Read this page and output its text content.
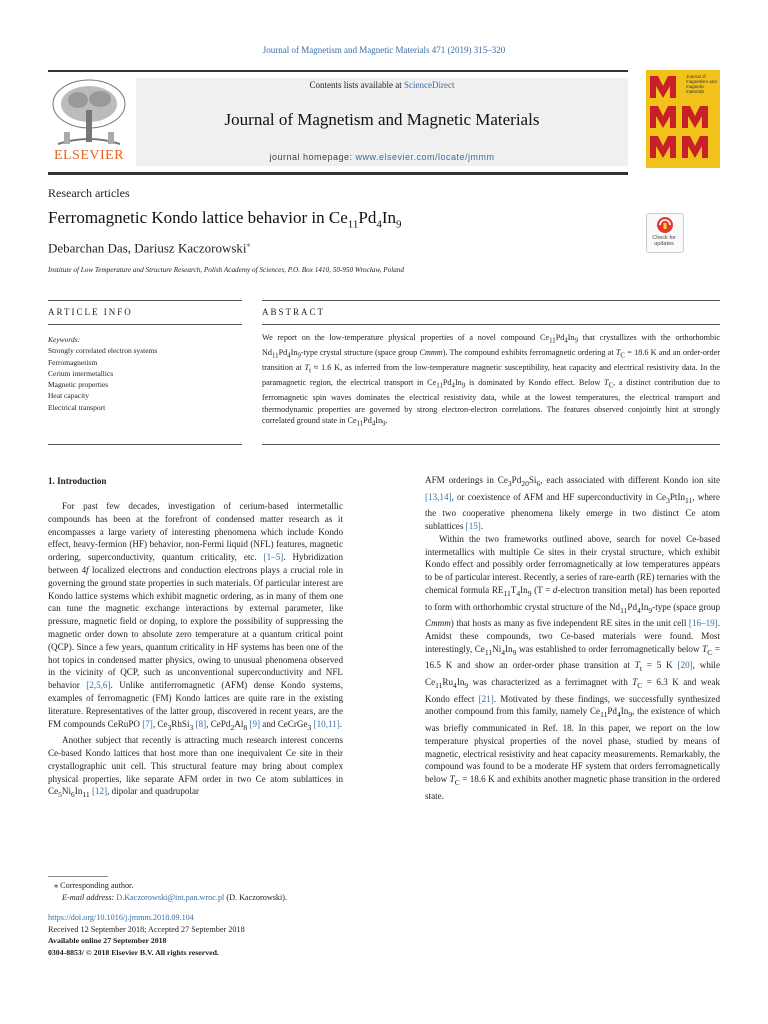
Journal of Magnetism and Magnetic Materials 471 (2019) 315–320
ELSEVIER
Contents lists available at ScienceDirect
Journal of Magnetism and Magnetic Materials
journal homepage: www.elsevier.com/locate/jmmm
Journal of magnetism and magnetic materials
Research articles
Ferromagnetic Kondo lattice behavior in $Ce_{11}Pd_4In_9$
Debarchan Das, Dariusz Kaczorowski⁎
Institute of Low Temperature and Structure Research, Polish Academy of Sciences, P.O. Box 1410, 50-950 Wrocław, Poland
Check for updates
ARTICLE INFO	ABSTRACT
Keywords:
Strongly correlated electron systems
Ferromagnetism
Cerium intermetallics
Magnetic properties
Heat capacity
Electrical transport
We report on the low-temperature physical properties of a novel compound $Ce_{11}Pd_4In_9$ that crystallizes with the orthorhombic $Nd_{11}Pd_4In_9$-type crystal structure (space group Cmmm). The compound exhibits ferromagnetic ordering at $T_C = 18.6$ K and an order-order transition at $T_t \approx 1.6$ K, as inferred from the low-temperature magnetic susceptibility, heat capacity and electrical resistivity data. In the paramagnetic region, the electrical transport in $Ce_{11}Pd_4In_9$ is dominated by Kondo effect. Below $T_C$, a distinct contribution due to ferromagnetic spin waves dominates the electrical resistivity data, while at the lowest temperatures, the electrical transport and thermodynamic properties are governed by strong electron-electron correlations. The features observed conjointly hint at strongly correlated ground state in $Ce_{11}Pd_4In_9$.
1. Introduction

For past few decades, investigation of cerium-based intermetallic compounds has been at the forefront of condensed matter research as it encompasses a large variety of interesting phenomena which include Kondo effect, heavy-fermion (HF) behavior, non-Fermi liquid (NFL) features, magnetic ordering, superconductivity, quantum criticality, etc. [1–5]. Hybridization between 4f localized electrons and conduction electrons plays a crucial role in governing the ground state properties in such materials. Of particular interest are Kondo lattice systems which exhibit magnetic ordering, as in many of them one can tune the magnetic exchange interactions by external parameter, like pressure, magnetic field or doping, to explore the possibility of suppressing the magnetic order down to absolute zero temperature at a quantum critical point (QCP). Since a few years, quantum criticality in HF systems has been one of the hot topics in condensed matter physics, owing to unusual phenomena observed in the vicinity of QCP, such as unconventional superconductivity and NFL behavior [2,5,6]. Unlike antiferromagnetic (AFM) dense Kondo systems, examples of ferromagnetic (FM) Kondo lattices are quite rare in the existing literature. Representatives of the latter group, discovered in recent years, are the FM compounds CeRuPO [7], $Ce_3RhSi_3$ [8], $CePd_2Al_8$ [9] and CeCrGe$_3$ [10,11].

Another subject that recently is attracting much research interest concerns Ce-based Kondo lattices that host more than one inequivalent Ce site in their crystallographic unit cell. This structural feature may bring about complex physical properties, like separate AFM order in two Ce atom sublattices in $Ce_5Ni_6In_{11}$ [12], dipolar and quadrupolar

AFM orderings in $Ce_3Pd_{20}Si_6$, each associated with different Kondo ion site [13,14], or coexistence of AFM and HF superconductivity in $Ce_3PtIn_{11}$, where the two cooperative phenomena likely emerge in two distinct Ce atom sublattices [15].

Within the two frameworks outlined above, search for novel Ce-based intermetallics with multiple Ce sites in their crystal structure, which exhibit Kondo effect and possibly order ferromagnetically at low temperatures appears to be of particular interest. Recently, a series of rare-earth (RE) ternaries with the chemical formula $RE_{11}T_4In_9$ (T = d-electron transition metal) has been reported to form with orthorhombic crystal structure of the $Nd_{11}Pd_4In_9$-type (space group Cmmm) that hosts as many as five independent RE sites in the unit cell [16–19]. Amidst these compounds, two Ce-based materials were found. Most interestingly, $Ce_{11}Ni_4In_9$ was established to order ferromagnetically below $T_C = 16.5$ K and show an order-order phase transition at $T_t = 5$ K [20], while $Ce_{11}Ru_4In_9$ was characterized as a ferrimagnet with $T_C = 6.3$ K and weak Kondo effect [21]. Motivated by these findings, we successfully synthesized another compound from this family, namely $Ce_{11}Pd_4In_9$, the existence of which was briefly communicated in Ref. 18. In this paper, we report on the low temperature physical properties of the novel phase, studied by means of magnetic, electrical resistivity and heat capacity measurements. Remarkably, the compound was found to be a moderate HF system that orders ferromagnetically below $T_C = 18.6$ K and exhibits another magnetic phase transition in the ordered state.

⁎ Corresponding author.
E-mail address: D.Kaczorowski@int.pan.wroc.pl (D. Kaczorowski).
https://doi.org/10.1016/j.jmmm.2018.09.104
Received 12 September 2018; Accepted 27 September 2018
Available online 27 September 2018
0304-8853/ © 2018 Elsevier B.V. All rights reserved.
